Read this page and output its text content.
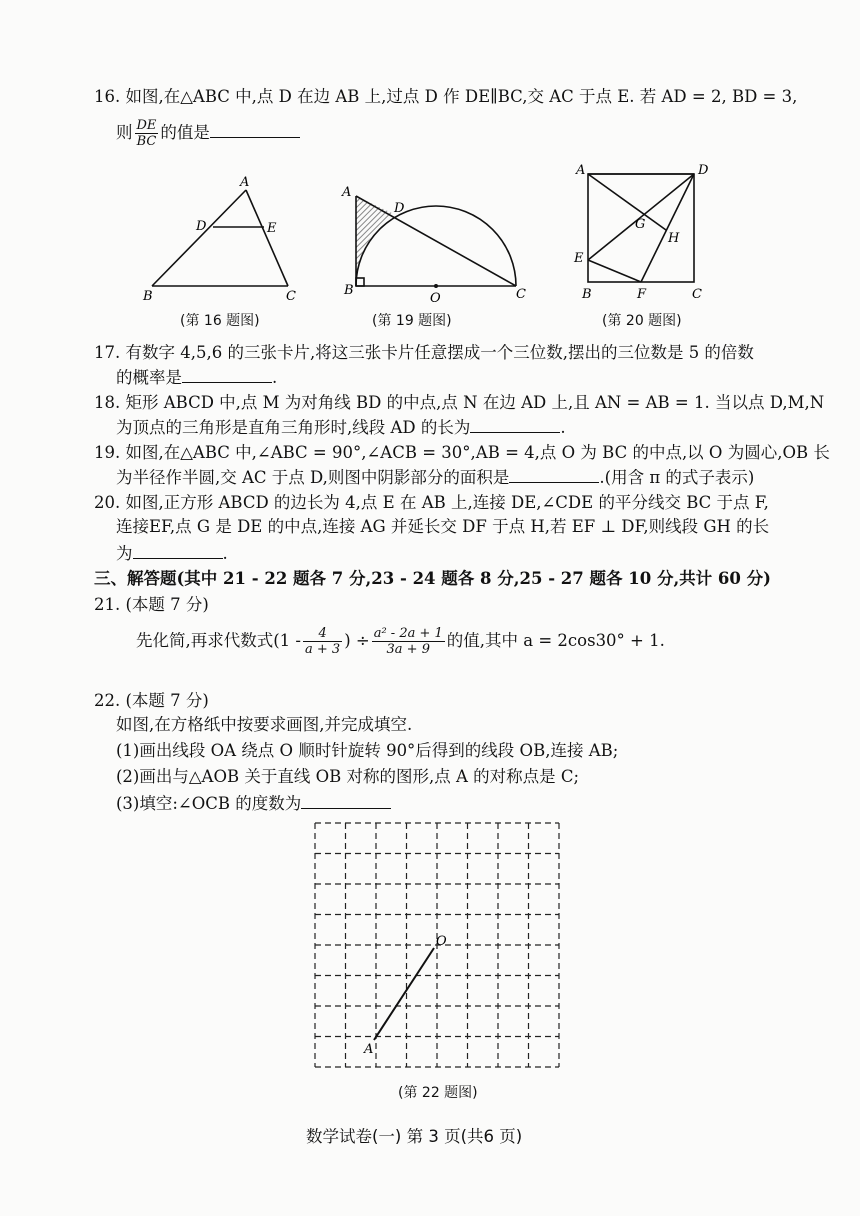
16. 如图,在△ABC 中,点 D 在边 AB 上,过点 D 作 DE∥BC,交 AC 于点 E. 若 AD = 2, BD = 3,
则 $\frac{DE}{BC}$ 的值是
A
D	E
B	C
(第 16 题图)
A
D
B
O	C
(第 19 题图)
A	D
G
H
E
B	F	C
(第 20 题图)
17. 有数字 4,5,6 的三张卡片,将这三张卡片任意摆成一个三位数,摆出的三位数是 5 的倍数
的概率是	.
18. 矩形 ABCD 中,点 M 为对角线 BD 的中点,点 N 在边 AD 上,且 AN = AB = 1. 当以点 D,M,N
为顶点的三角形是直角三角形时,线段 AD 的长为	.
19. 如图,在△ABC 中,∠ABC = 90°,∠ACB = 30°,AB = 4,点 O 为 BC 的中点,以 O 为圆心,OB 长
为半径作半圆,交 AC 于点 D,则图中阴影部分的面积是	.(用含 π 的式子表示)
20. 如图,正方形 ABCD 的边长为 4,点 E 在 AB 上,连接 DE,∠CDE 的平分线交 BC 于点 F,
连接EF,点 G 是 DE 的中点,连接 AG 并延长交 DF 于点 H,若 EF ⊥ DF,则线段 GH 的长
为	.
三、解答题(其中 21 - 22 题各 7 分,23 - 24 题各 8 分,25 - 27 题各 10 分,共计 60 分)
21. (本题 7 分)
先化简,再求代数式($1 - \frac{4}{a + 3}$ ) ÷ $\frac{\text{a² - 2a + 1}}{3a + 9}$ 的值,其中 a = 2cos30° + 1.
22. (本题 7 分)
如图,在方格纸中按要求画图,并完成填空.
(1)画出线段 OA 绕点 O 顺时针旋转 90°后得到的线段 OB,连接 AB;
(2)画出与△AOB 关于直线 OB 对称的图形,点 A 的对称点是 C;
(3)填空:∠OCB 的度数为
O
A
(第 22 题图)
数学试卷(一) 第 3 页(共6 页)
